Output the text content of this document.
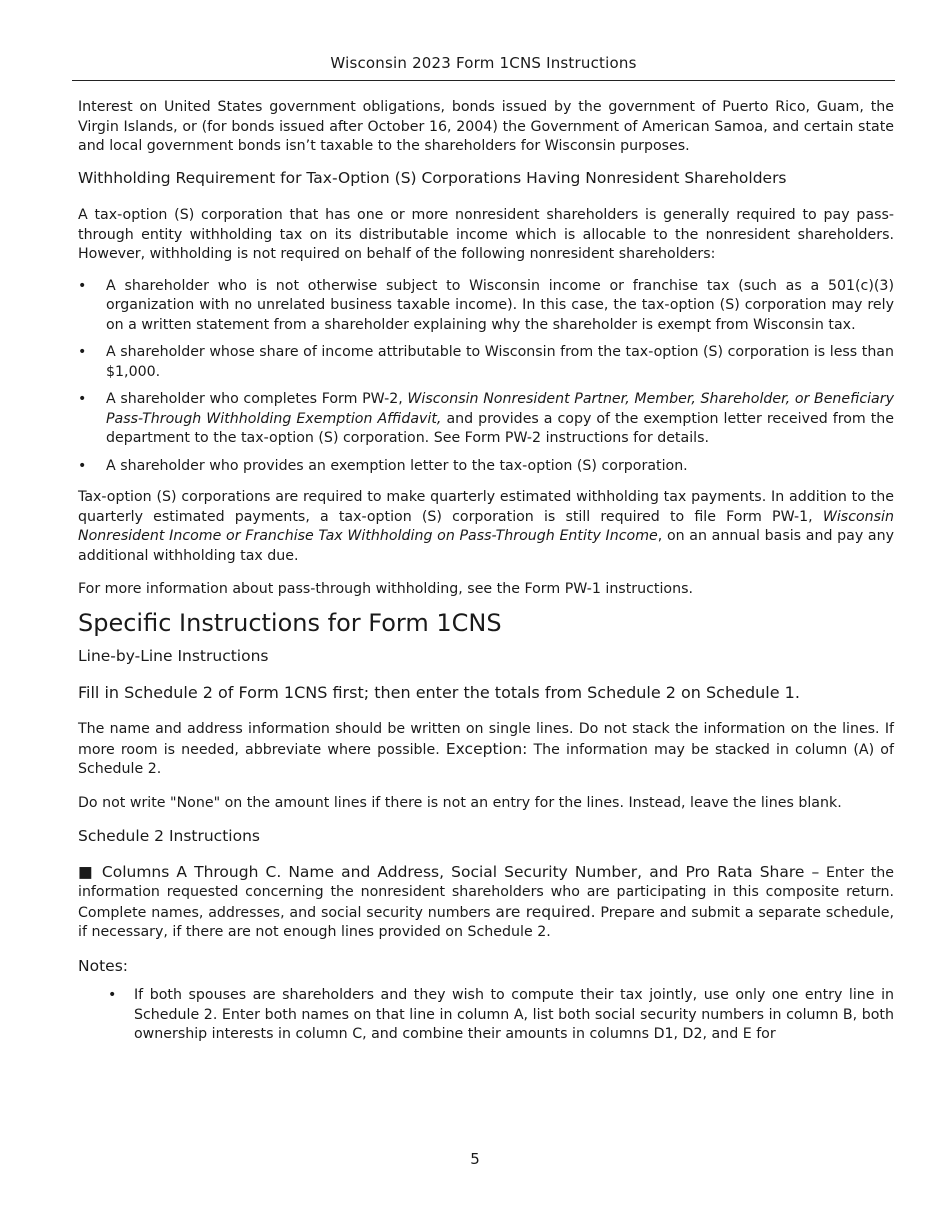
Wisconsin 2023 Form 1CNS Instructions

Interest on United States government obligations, bonds issued by the government of Puerto Rico, Guam, the Virgin Islands, or (for bonds issued after October 16, 2004) the Government of American Samoa, and certain state and local government bonds isn’t taxable to the shareholders for Wisconsin purposes.

Withholding Requirement for Tax-Option (S) Corporations Having Nonresident Shareholders

A tax-option (S) corporation that has one or more nonresident shareholders is generally required to pay pass-through entity withholding tax on its distributable income which is allocable to the nonresident shareholders. However, withholding is not required on behalf of the following nonresident shareholders:

• A shareholder who is not otherwise subject to Wisconsin income or franchise tax (such as a 501(c)(3) organization with no unrelated business taxable income). In this case, the tax-option (S) corporation may rely on a written statement from a shareholder explaining why the shareholder is exempt from Wisconsin tax.
• A shareholder whose share of income attributable to Wisconsin from the tax-option (S) corporation is less than $1,000.
• A shareholder who completes Form PW-2, Wisconsin Nonresident Partner, Member, Shareholder, or Beneficiary Pass-Through Withholding Exemption Affidavit, and provides a copy of the exemption letter received from the department to the tax-option (S) corporation. See Form PW-2 instructions for details.
• A shareholder who provides an exemption letter to the tax-option (S) corporation.

Tax-option (S) corporations are required to make quarterly estimated withholding tax payments. In addition to the quarterly estimated payments, a tax-option (S) corporation is still required to file Form PW-1, Wisconsin Nonresident Income or Franchise Tax Withholding on Pass-Through Entity Income, on an annual basis and pay any additional withholding tax due.

For more information about pass-through withholding, see the Form PW-1 instructions.

Specific Instructions for Form 1CNS
Line-by-Line Instructions
Fill in Schedule 2 of Form 1CNS first; then enter the totals from Schedule 2 on Schedule 1.

The name and address information should be written on single lines. Do not stack the information on the lines. If more room is needed, abbreviate where possible. Exception: The information may be stacked in column (A) of Schedule 2.

Do not write "None" on the amount lines if there is not an entry for the lines. Instead, leave the lines blank.

Schedule 2 Instructions

■ Columns A Through C. Name and Address, Social Security Number, and Pro Rata Share – Enter the information requested concerning the nonresident shareholders who are participating in this composite return. Complete names, addresses, and social security numbers are required. Prepare and submit a separate schedule, if necessary, if there are not enough lines provided on Schedule 2.

Notes:
• If both spouses are shareholders and they wish to compute their tax jointly, use only one entry line in Schedule 2. Enter both names on that line in column A, list both social security numbers in column B, both ownership interests in column C, and combine their amounts in columns D1, D2, and E for
5
